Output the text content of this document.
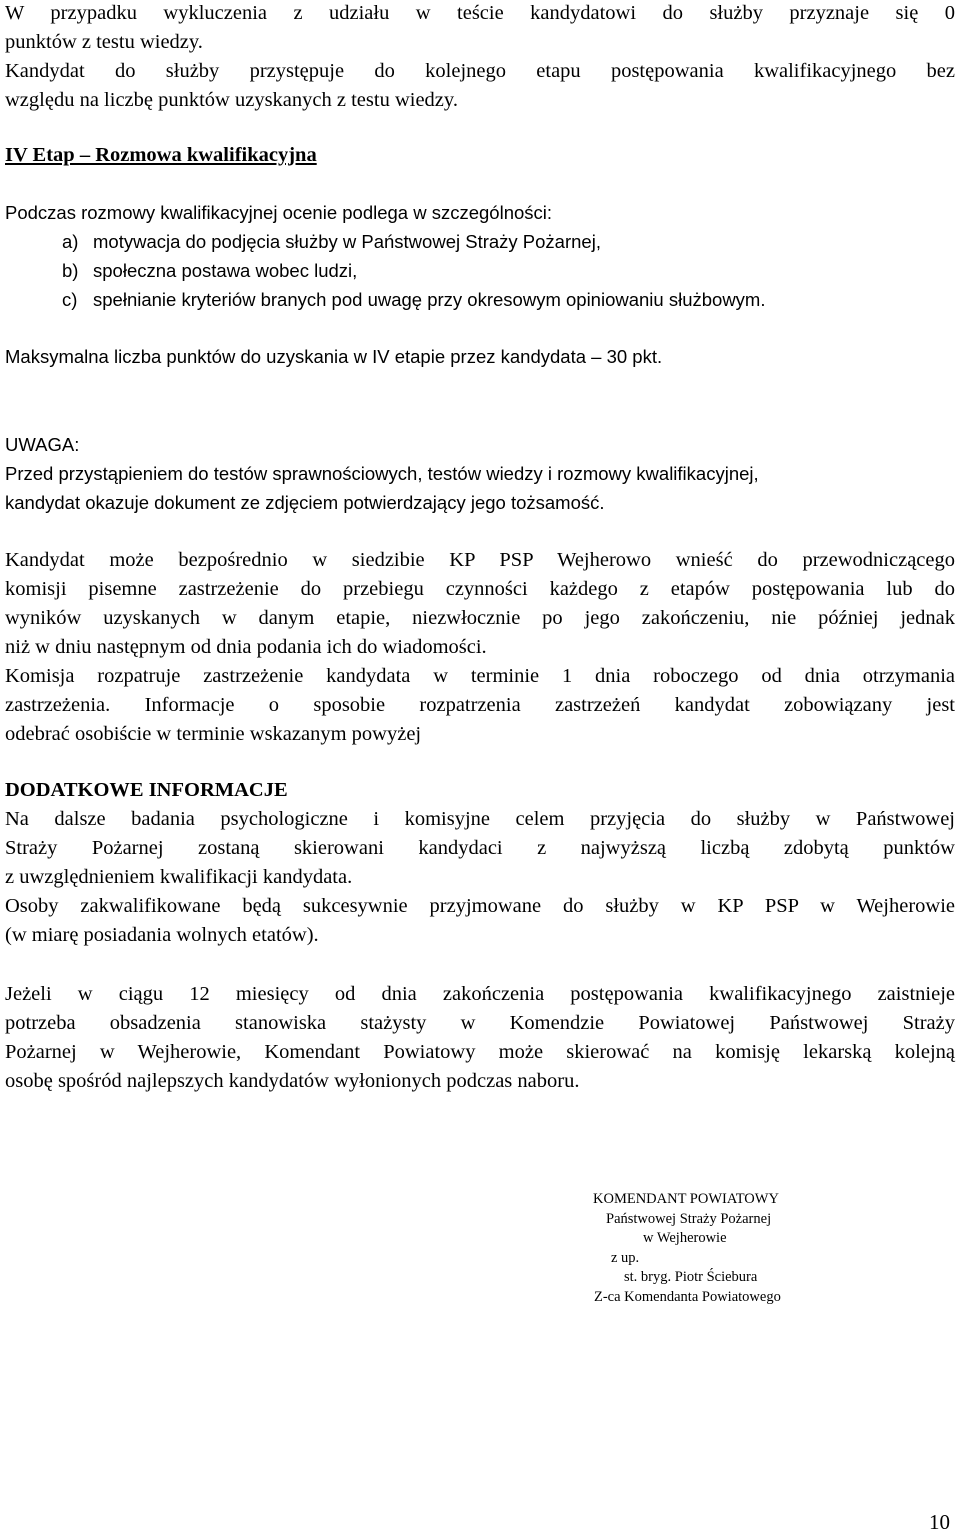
W przypadku wykluczenia z udziału w teście kandydatowi do służby przyznaje się 0
punktów z testu wiedzy.
Kandydat do służby przystępuje do kolejnego etapu postępowania kwalifikacyjnego bez
względu na liczbę punktów uzyskanych z testu wiedzy.
IV Etap – Rozmowa kwalifikacyjna
Podczas rozmowy kwalifikacyjnej ocenie podlega w szczególności:
a) motywacja do podjęcia służby w Państwowej Straży Pożarnej,
b) społeczna postawa wobec ludzi,
c) spełnianie kryteriów branych pod uwagę przy okresowym opiniowaniu służbowym.
Maksymalna liczba punktów do uzyskania w IV etapie przez kandydata – 30 pkt.
UWAGA:
Przed przystąpieniem do testów sprawnościowych, testów wiedzy i rozmowy kwalifikacyjnej,
kandydat okazuje dokument ze zdjęciem potwierdzający jego tożsamość.
Kandydat może bezpośrednio w siedzibie KP PSP Wejherowo wnieść do przewodniczącego
komisji pisemne zastrzeżenie do przebiegu czynności każdego z etapów postępowania lub do
wyników uzyskanych w danym etapie, niezwłocznie po jego zakończeniu, nie później jednak
niż w dniu następnym od dnia podania ich do wiadomości.
Komisja rozpatruje zastrzeżenie kandydata w terminie 1 dnia roboczego od dnia otrzymania
zastrzeżenia. Informacje o sposobie rozpatrzenia zastrzeżeń kandydat zobowiązany jest
odebrać osobiście w terminie wskazanym powyżej
DODATKOWE INFORMACJE
Na dalsze badania psychologiczne i komisyjne celem przyjęcia do służby w Państwowej
Straży Pożarnej zostaną skierowani kandydaci z najwyższą liczbą zdobytą punktów
z uwzględnieniem kwalifikacji kandydata.
Osoby zakwalifikowane będą sukcesywnie przyjmowane do służby w KP PSP w Wejherowie
(w miarę posiadania wolnych etatów).
Jeżeli w ciągu 12 miesięcy od dnia zakończenia postępowania kwalifikacyjnego zaistnieje
potrzeba obsadzenia stanowiska stażysty w Komendzie Powiatowej Państwowej Straży
Pożarnej w Wejherowie, Komendant Powiatowy może skierować na komisję lekarską kolejną
osobę spośród najlepszych kandydatów wyłonionych podczas naboru.
KOMENDANT POWIATOWY
Państwowej Straży Pożarnej
w Wejherowie
z up.
st. bryg. Piotr Ściebura
Z-ca Komendanta Powiatowego
10
